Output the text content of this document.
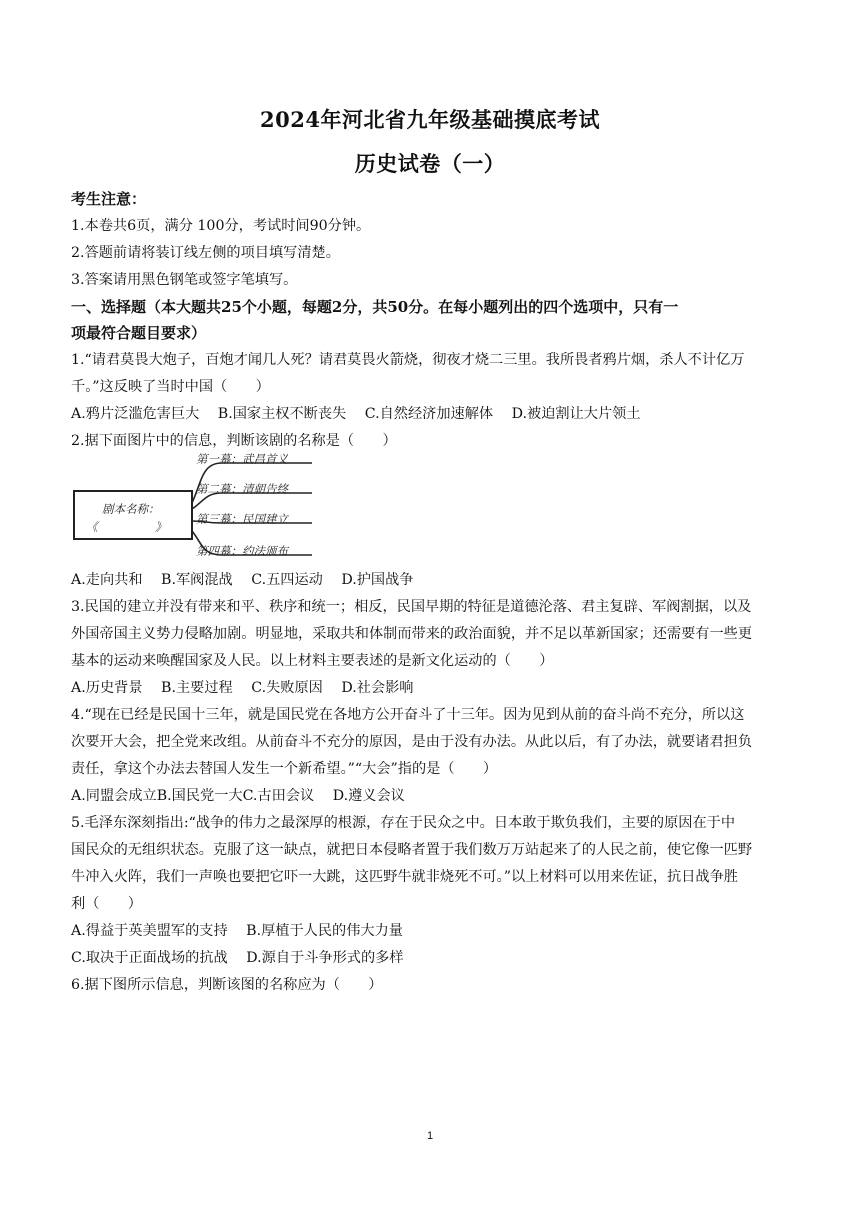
2024年河北省九年级基础摸底考试
历史试卷（一）
考生注意：
1.本卷共6页，满分 100分，考试时间90分钟。
2.答题前请将装订线左侧的项目填写清楚。
3.答案请用黑色钢笔或签字笔填写。
一、选择题（本大题共25个小题，每题2分，共50分。在每小题列出的四个选项中，只有一
项最符合题目要求）
1.“请君莫畏大炮子，百炮才闻几人死？请君莫畏火箭烧，彻夜才烧二三里。我所畏者鸦片烟，杀人不计亿万
千。”这反映了当时中国（　　）
A.鸦片泛滥危害巨大 B.国家主权不断丧失 C.自然经济加速解体 D.被迫割让大片领土
2.据下面图片中的信息，判断该剧的名称是（　　）
剧本名称：
《　　　　　》
第一幕：武昌首义
第二幕：清朝告终
第三幕：民国建立
第四幕：约法颁布
A.走向共和 B.军阀混战 C.五四运动 D.护国战争
3.民国的建立并没有带来和平、秩序和统一；相反，民国早期的特征是道德沦落、君主复辟、军阀割据，以及
外国帝国主义势力侵略加剧。明显地，采取共和体制而带来的政治面貌，并不足以革新国家；还需要有一些更
基本的运动来唤醒国家及人民。以上材料主要表述的是新文化运动的（　　）
A.历史背景 B.主要过程 C.失败原因 D.社会影响
4.“现在已经是民国十三年，就是国民党在各地方公开奋斗了十三年。因为见到从前的奋斗尚不充分，所以这
次要开大会，把全党来改组。从前奋斗不充分的原因，是由于没有办法。从此以后，有了办法，就要诸君担负
责任，拿这个办法去替国人发生一个新希望。”“大会”指的是（　　）
A.同盟会成立B.国民党一大C.古田会议 D.遵义会议
5.毛泽东深刻指出:“战争的伟力之最深厚的根源，存在于民众之中。日本敢于欺负我们，主要的原因在于中
国民众的无组织状态。克服了这一缺点，就把日本侵略者置于我们数万万站起来了的人民之前，使它像一匹野
牛冲入火阵，我们一声唤也要把它吓一大跳，这匹野牛就非烧死不可。”以上材料可以用来佐证，抗日战争胜
利（　　）
A.得益于英美盟军的支持 B.厚植于人民的伟大力量
C.取决于正面战场的抗战 D.源自于斗争形式的多样
6.据下图所示信息，判断该图的名称应为（　　）
1
